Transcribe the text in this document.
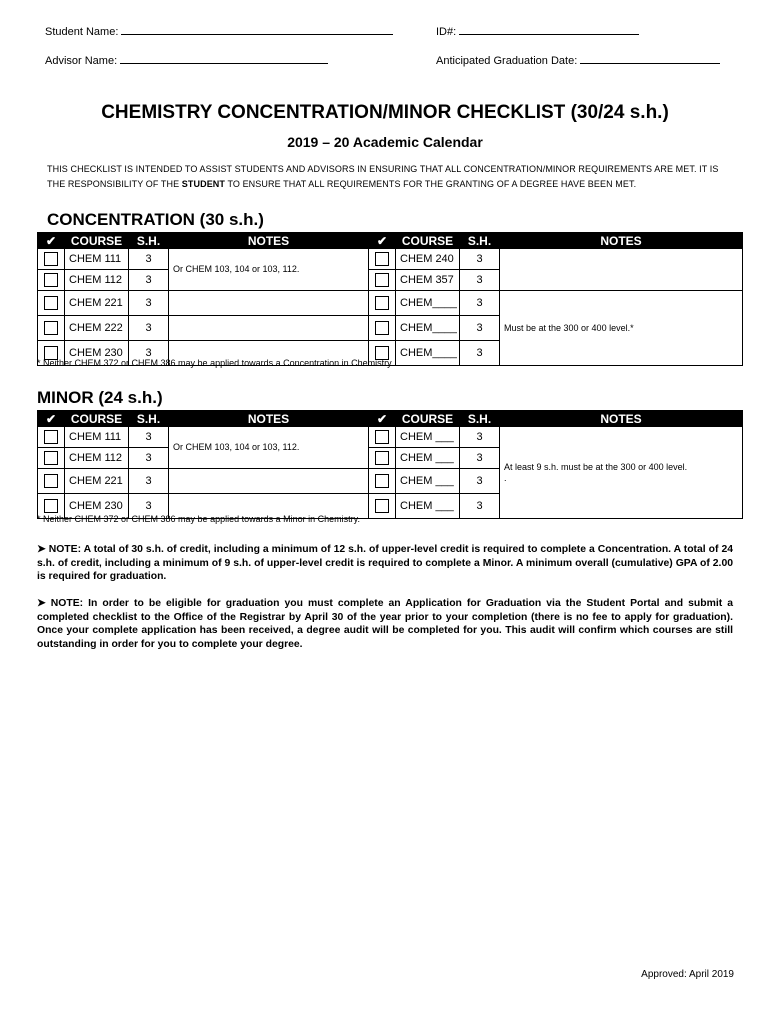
Student Name:	ID#:
Advisor Name:	Anticipated Graduation Date:
CHEMISTRY CONCENTRATION/MINOR CHECKLIST (30/24 s.h.)
2019 – 20 Academic Calendar
THIS CHECKLIST IS INTENDED TO ASSIST STUDENTS AND ADVISORS IN ENSURING THAT ALL CONCENTRATION/MINOR REQUIREMENTS ARE MET. IT IS THE RESPONSIBILITY OF THE STUDENT TO ENSURE THAT ALL REQUIREMENTS FOR THE GRANTING OF A DEGREE HAVE BEEN MET.
CONCENTRATION (30 s.h.)
✔	COURSE	S.H.	NOTES	✔	COURSE	S.H.	NOTES
	CHEM 111	3	Or CHEM 103, 104 or 103, 112.		CHEM 240	3	
	CHEM 112	3			CHEM 357	3	
	CHEM 221	3			CHEM____	3	Must be at the 300 or 400 level.*
	CHEM 222	3			CHEM____	3	
	CHEM 230	3			CHEM____	3	
* Neither CHEM 372 or CHEM 386 may be applied towards a Concentration in Chemistry.
MINOR (24 s.h.)
✔	COURSE	S.H.	NOTES	✔	COURSE	S.H.	NOTES
	CHEM 111	3	Or CHEM 103, 104 or 103, 112.		CHEM ___	3	At least 9 s.h. must be at the 300 or 400 level.
.
	CHEM 112	3			CHEM ___	3	
	CHEM 221	3			CHEM ___	3	
	CHEM 230	3			CHEM ___	3	
* Neither CHEM 372 or CHEM 386 may be applied towards a Minor in Chemistry.
➤ NOTE: A total of 30 s.h. of credit, including a minimum of 12 s.h. of upper-level credit is required to complete a Concentration. A total of 24 s.h. of credit, including a minimum of 9 s.h. of upper-level credit is required to complete a Minor. A minimum overall (cumulative) GPA of 2.00 is required for graduation.
➤ NOTE: In order to be eligible for graduation you must complete an Application for Graduation via the Student Portal and submit a completed checklist to the Office of the Registrar by April 30 of the year prior to your completion (there is no fee to apply for graduation). Once your complete application has been received, a degree audit will be completed for you. This audit will confirm which courses are still outstanding in order for you to complete your degree.
Approved: April 2019
